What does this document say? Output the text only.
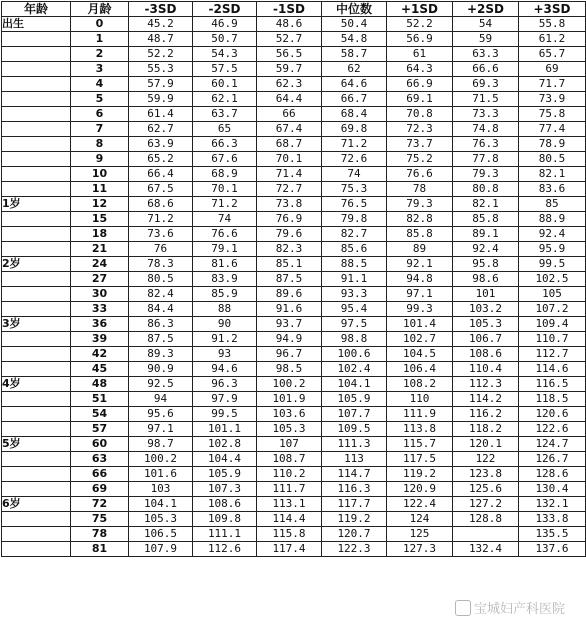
年龄	月龄	-3SD	-2SD	-1SD	中位数	+1SD	+2SD	+3SD
出生	0	45.2	46.9	48.6	50.4	52.2	54	55.8
	1	48.7	50.7	52.7	54.8	56.9	59	61.2
	2	52.2	54.3	56.5	58.7	61	63.3	65.7
	3	55.3	57.5	59.7	62	64.3	66.6	69
	4	57.9	60.1	62.3	64.6	66.9	69.3	71.7
	5	59.9	62.1	64.4	66.7	69.1	71.5	73.9
	6	61.4	63.7	66	68.4	70.8	73.3	75.8
	7	62.7	65	67.4	69.8	72.3	74.8	77.4
	8	63.9	66.3	68.7	71.2	73.7	76.3	78.9
	9	65.2	67.6	70.1	72.6	75.2	77.8	80.5
	10	66.4	68.9	71.4	74	76.6	79.3	82.1
	11	67.5	70.1	72.7	75.3	78	80.8	83.6
1岁	12	68.6	71.2	73.8	76.5	79.3	82.1	85
	15	71.2	74	76.9	79.8	82.8	85.8	88.9
	18	73.6	76.6	79.6	82.7	85.8	89.1	92.4
	21	76	79.1	82.3	85.6	89	92.4	95.9
2岁	24	78.3	81.6	85.1	88.5	92.1	95.8	99.5
	27	80.5	83.9	87.5	91.1	94.8	98.6	102.5
	30	82.4	85.9	89.6	93.3	97.1	101	105
	33	84.4	88	91.6	95.4	99.3	103.2	107.2
3岁	36	86.3	90	93.7	97.5	101.4	105.3	109.4
	39	87.5	91.2	94.9	98.8	102.7	106.7	110.7
	42	89.3	93	96.7	100.6	104.5	108.6	112.7
	45	90.9	94.6	98.5	102.4	106.4	110.4	114.6
4岁	48	92.5	96.3	100.2	104.1	108.2	112.3	116.5
	51	94	97.9	101.9	105.9	110	114.2	118.5
	54	95.6	99.5	103.6	107.7	111.9	116.2	120.6
	57	97.1	101.1	105.3	109.5	113.8	118.2	122.6
5岁	60	98.7	102.8	107	111.3	115.7	120.1	124.7
	63	100.2	104.4	108.7	113	117.5	122	126.7
	66	101.6	105.9	110.2	114.7	119.2	123.8	128.6
	69	103	107.3	111.7	116.3	120.9	125.6	130.4
6岁	72	104.1	108.6	113.1	117.7	122.4	127.2	132.1
	75	105.3	109.8	114.4	119.2	124	128.8	133.8
	78	106.5	111.1	115.8	120.7	125		135.5
	81	107.9	112.6	117.4	122.3	127.3	132.4	137.6
宝城妇产科医院
